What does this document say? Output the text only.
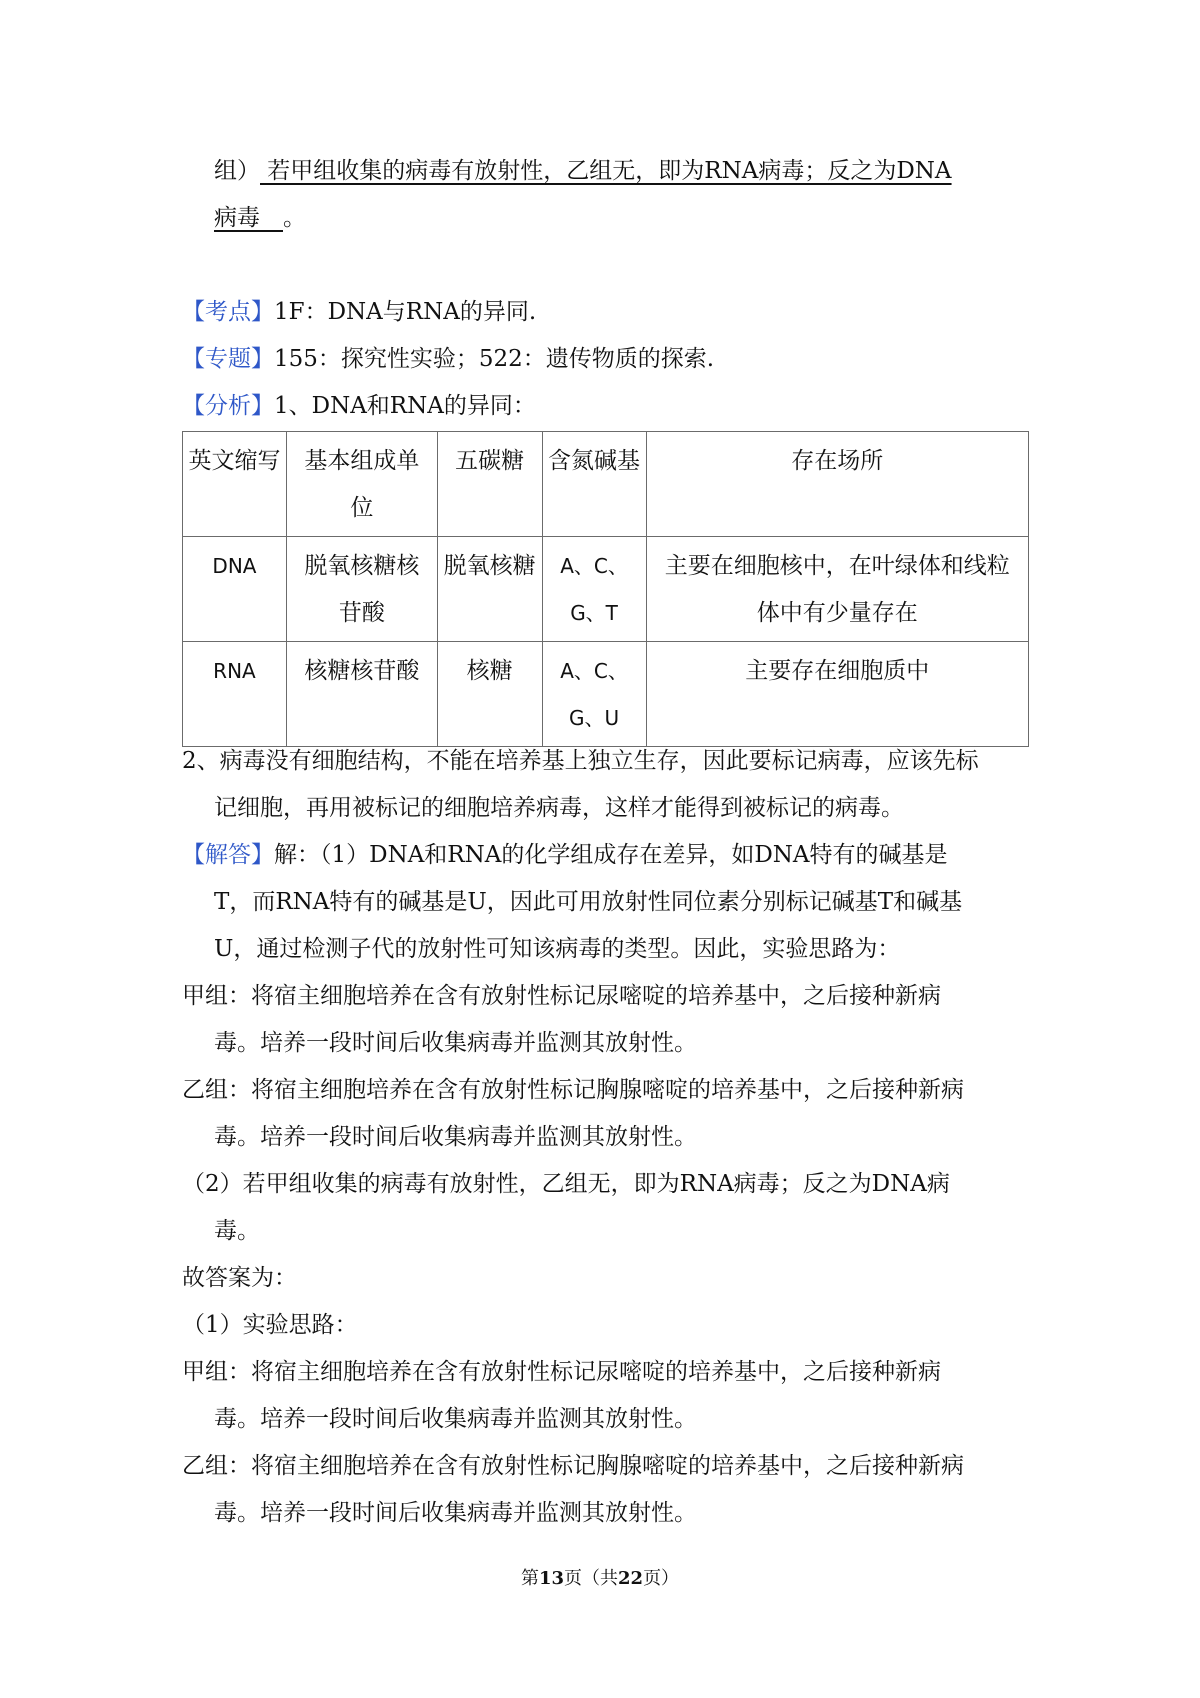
组） 若甲组收集的病毒有放射性，乙组无，即为RNA病毒；反之为DNA
病毒  。
【考点】1F：DNA与RNA的异同.
【专题】155：探究性实验；522：遗传物质的探索.
【分析】1、DNA和RNA的异同：
英文缩写	基本组成单位	五碳糖	含氮碱基	存在场所
DNA	脱氧核糖核苷酸	脱氧核糖	A、C、G、T	主要在细胞核中，在叶绿体和线粒体中有少量存在
RNA	核糖核苷酸	核糖	A、C、G、U	主要存在细胞质中
2、病毒没有细胞结构，不能在培养基上独立生存，因此要标记病毒，应该先标
记细胞，再用被标记的细胞培养病毒，这样才能得到被标记的病毒。
【解答】解：（1）DNA和RNA的化学组成存在差异，如DNA特有的碱基是
T，而RNA特有的碱基是U，因此可用放射性同位素分别标记碱基T和碱基
U，通过检测子代的放射性可知该病毒的类型。因此，实验思路为：
甲组：将宿主细胞培养在含有放射性标记尿嘧啶的培养基中，之后接种新病
毒。培养一段时间后收集病毒并监测其放射性。
乙组：将宿主细胞培养在含有放射性标记胸腺嘧啶的培养基中，之后接种新病
毒。培养一段时间后收集病毒并监测其放射性。
（2）若甲组收集的病毒有放射性，乙组无，即为RNA病毒；反之为DNA病
毒。
故答案为：
（1）实验思路：
甲组：将宿主细胞培养在含有放射性标记尿嘧啶的培养基中，之后接种新病
毒。培养一段时间后收集病毒并监测其放射性。
乙组：将宿主细胞培养在含有放射性标记胸腺嘧啶的培养基中，之后接种新病
毒。培养一段时间后收集病毒并监测其放射性。
第13页（共22页）
